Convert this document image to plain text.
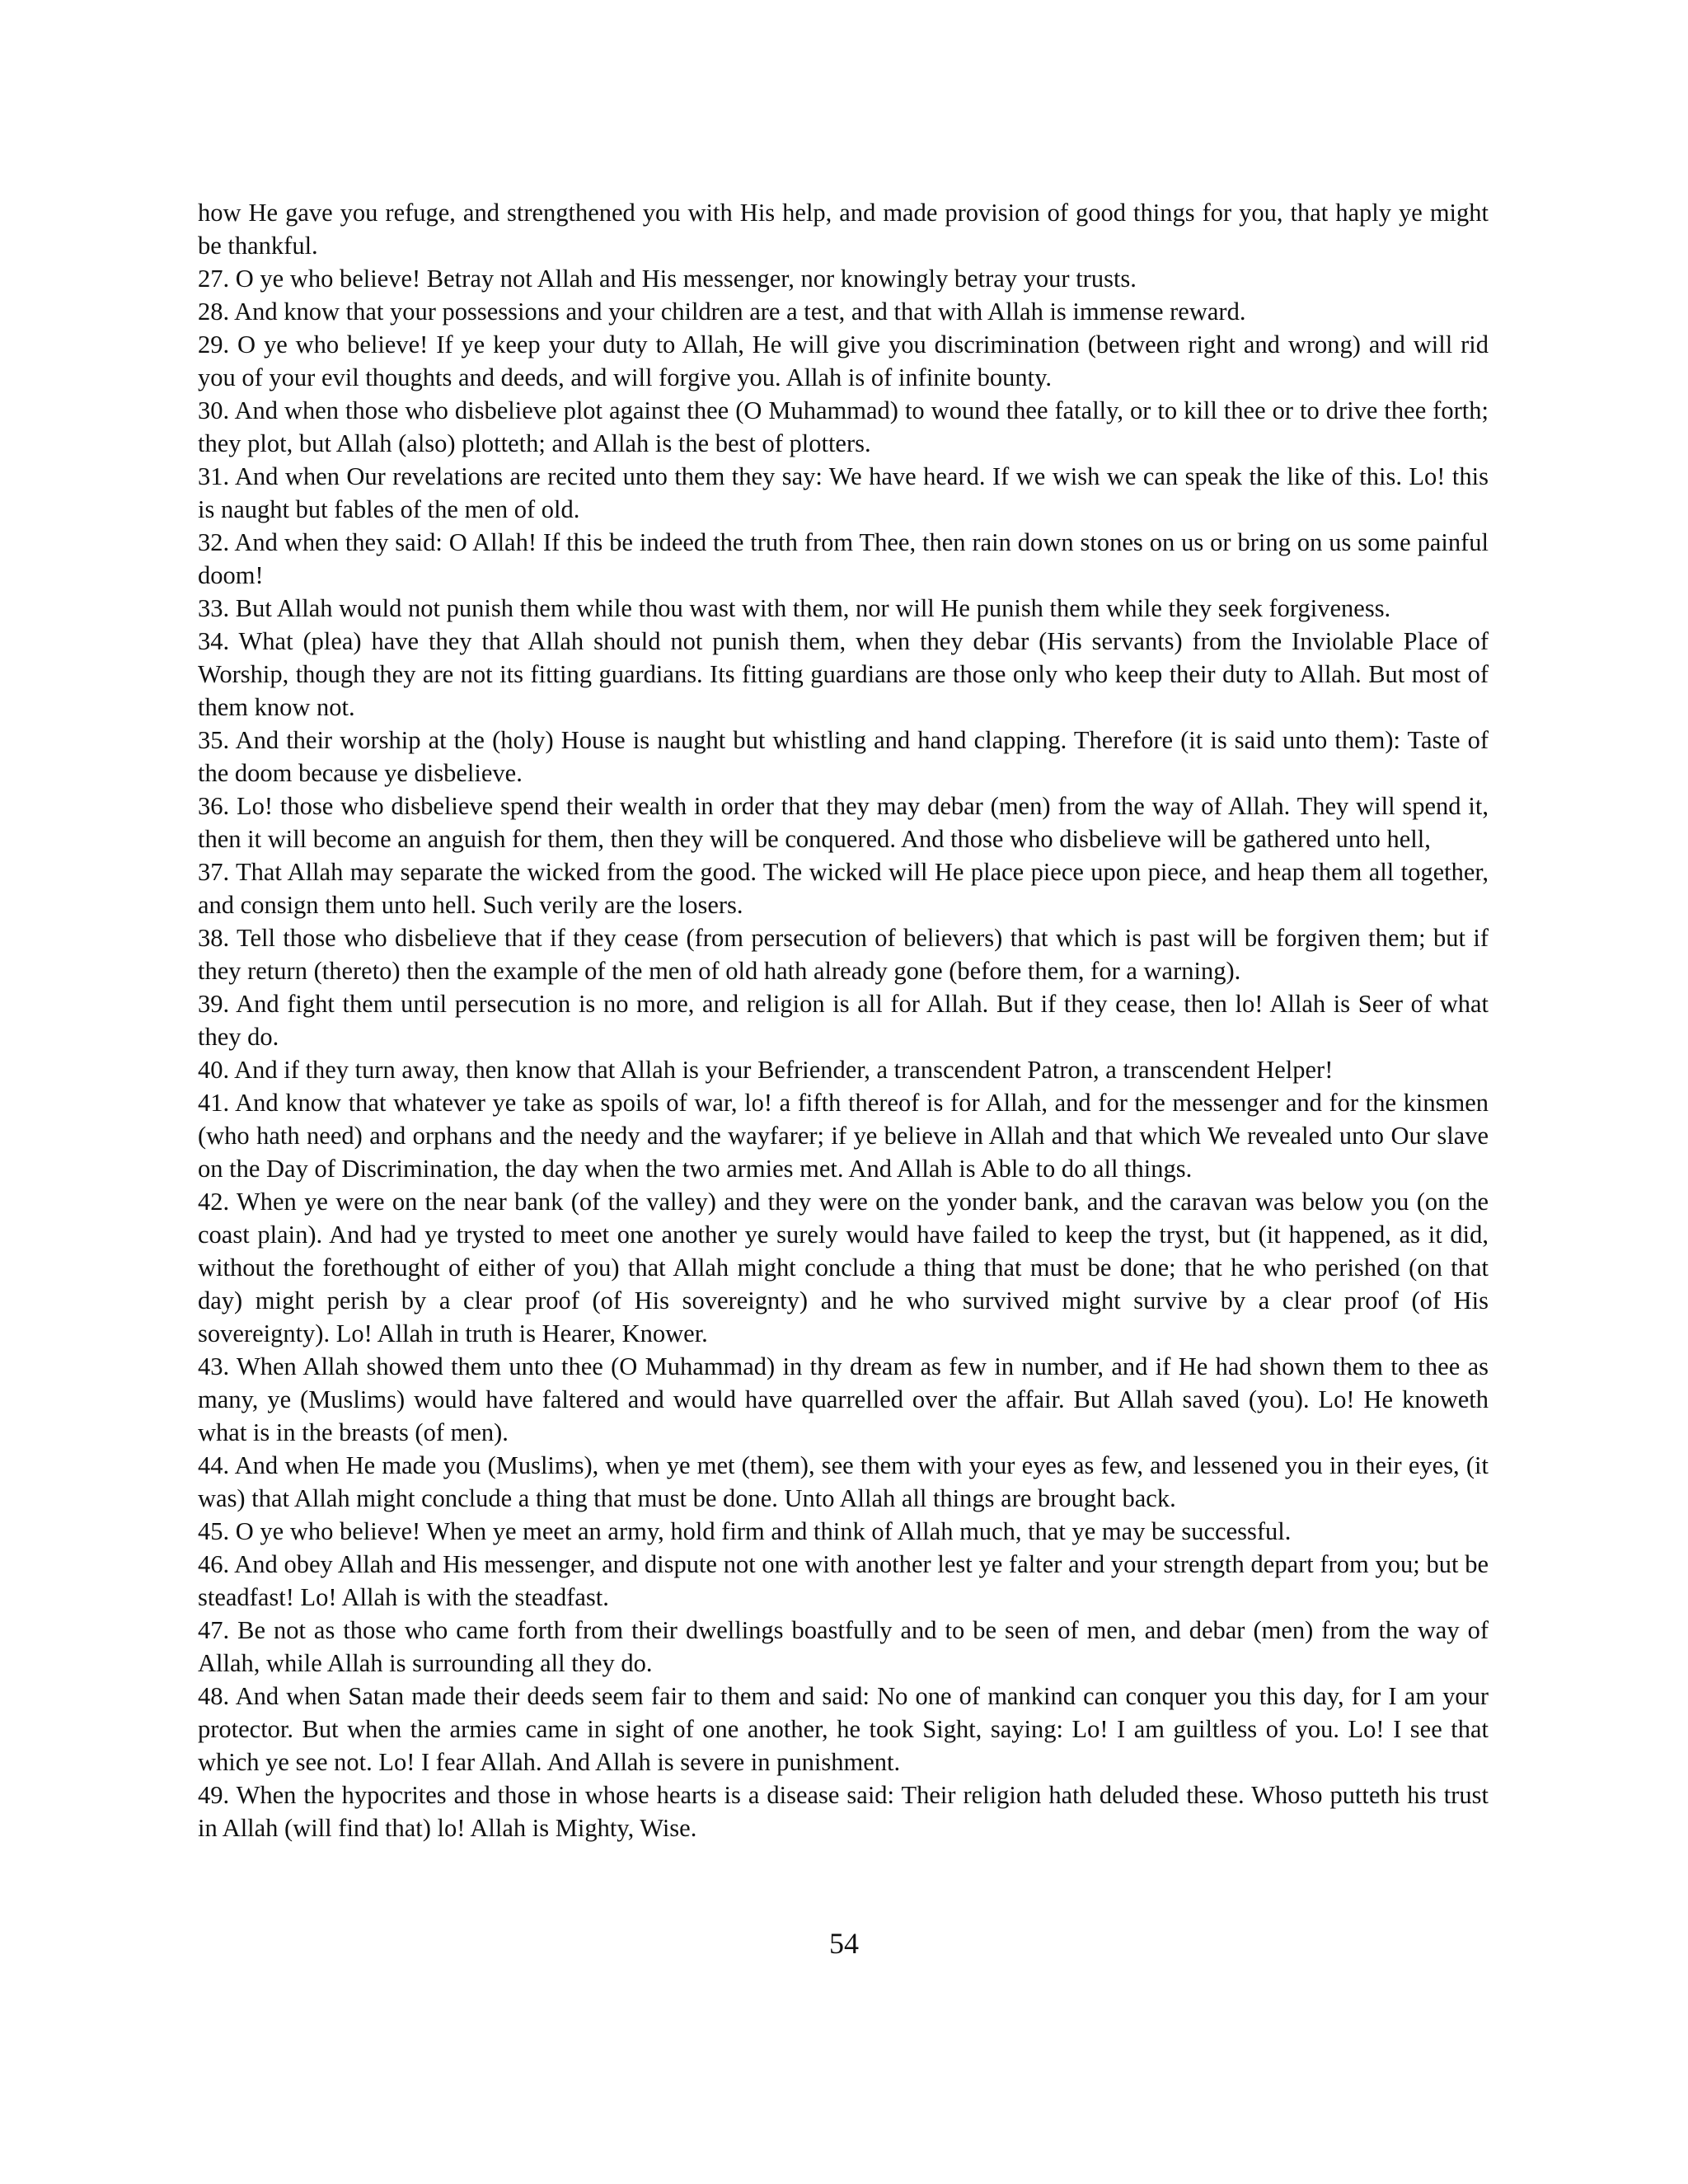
how He gave you refuge, and strengthened you with His help, and made provision of good things for you, that haply ye might be thankful.

27. O ye who believe! Betray not Allah and His messenger, nor knowingly betray your trusts.

28. And know that your possessions and your children are a test, and that with Allah is immense reward.

29. O ye who believe! If ye keep your duty to Allah, He will give you discrimination (between right and wrong) and will rid you of your evil thoughts and deeds, and will forgive you. Allah is of infinite bounty.

30. And when those who disbelieve plot against thee (O Muhammad) to wound thee fatally, or to kill thee or to drive thee forth; they plot, but Allah (also) plotteth; and Allah is the best of plotters.

31. And when Our revelations are recited unto them they say: We have heard. If we wish we can speak the like of this. Lo! this is naught but fables of the men of old.

32. And when they said: O Allah! If this be indeed the truth from Thee, then rain down stones on us or bring on us some painful doom!

33. But Allah would not punish them while thou wast with them, nor will He punish them while they seek forgiveness.

34. What (plea) have they that Allah should not punish them, when they debar (His servants) from the Inviolable Place of Worship, though they are not its fitting guardians. Its fitting guardians are those only who keep their duty to Allah. But most of them know not.

35. And their worship at the (holy) House is naught but whistling and hand clapping. Therefore (it is said unto them): Taste of the doom because ye disbelieve.

36. Lo! those who disbelieve spend their wealth in order that they may debar (men) from the way of Allah. They will spend it, then it will become an anguish for them, then they will be conquered. And those who disbelieve will be gathered unto hell,

37. That Allah may separate the wicked from the good. The wicked will He place piece upon piece, and heap them all together, and consign them unto hell. Such verily are the losers.

38. Tell those who disbelieve that if they cease (from persecution of believers) that which is past will be forgiven them; but if they return (thereto) then the example of the men of old hath already gone (before them, for a warning).

39. And fight them until persecution is no more, and religion is all for Allah. But if they cease, then lo! Allah is Seer of what they do.

40. And if they turn away, then know that Allah is your Befriender, a transcendent Patron, a transcendent Helper!

41. And know that whatever ye take as spoils of war, lo! a fifth thereof is for Allah, and for the messenger and for the kinsmen (who hath need) and orphans and the needy and the wayfarer; if ye believe in Allah and that which We revealed unto Our slave on the Day of Discrimination, the day when the two armies met. And Allah is Able to do all things.

42. When ye were on the near bank (of the valley) and they were on the yonder bank, and the caravan was below you (on the coast plain). And had ye trysted to meet one another ye surely would have failed to keep the tryst, but (it happened, as it did, without the forethought of either of you) that Allah might conclude a thing that must be done; that he who perished (on that day) might perish by a clear proof (of His sovereignty) and he who survived might survive by a clear proof (of His sovereignty). Lo! Allah in truth is Hearer, Knower.

43. When Allah showed them unto thee (O Muhammad) in thy dream as few in number, and if He had shown them to thee as many, ye (Muslims) would have faltered and would have quarrelled over the affair. But Allah saved (you). Lo! He knoweth what is in the breasts (of men).

44. And when He made you (Muslims), when ye met (them), see them with your eyes as few, and lessened you in their eyes, (it was) that Allah might conclude a thing that must be done. Unto Allah all things are brought back.

45. O ye who believe! When ye meet an army, hold firm and think of Allah much, that ye may be successful.

46. And obey Allah and His messenger, and dispute not one with another lest ye falter and your strength depart from you; but be steadfast! Lo! Allah is with the steadfast.

47. Be not as those who came forth from their dwellings boastfully and to be seen of men, and debar (men) from the way of Allah, while Allah is surrounding all they do.

48. And when Satan made their deeds seem fair to them and said: No one of mankind can conquer you this day, for I am your protector. But when the armies came in sight of one another, he took Sight, saying: Lo! I am guiltless of you. Lo! I see that which ye see not. Lo! I fear Allah. And Allah is severe in punishment.

49. When the hypocrites and those in whose hearts is a disease said: Their religion hath deluded these. Whoso putteth his trust in Allah (will find that) lo! Allah is Mighty, Wise.

54
